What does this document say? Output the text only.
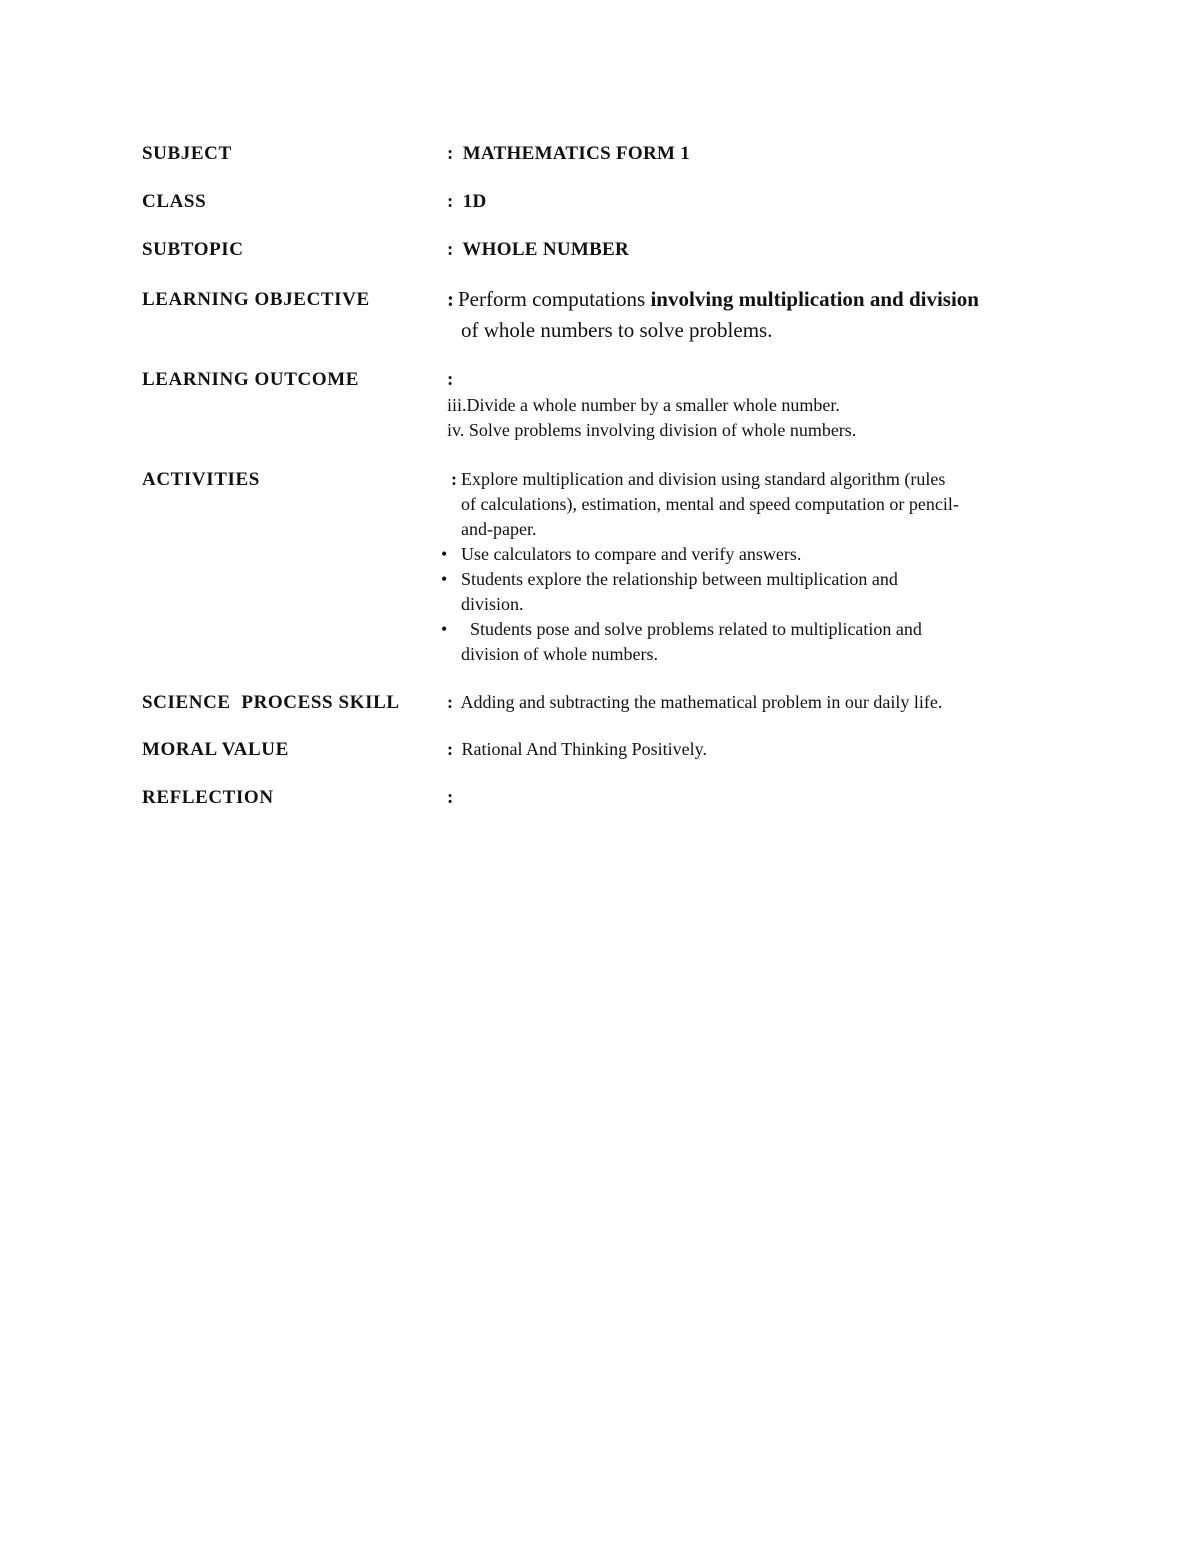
SUBJECT	: MATHEMATICS FORM 1
CLASS	: 1D
SUBTOPIC	: WHOLE NUMBER
LEARNING OBJECTIVE	: Perform computations involving multiplication and division
of whole numbers to solve problems.
LEARNING OUTCOME	:
iii.Divide a whole number by a smaller whole number.
iv. Solve problems involving division of whole numbers.
ACTIVITIES	: Explore multiplication and division using standard algorithm (rules
of calculations), estimation, mental and speed computation or pencil-
and-paper.
• Use calculators to compare and verify answers.
• Students explore the relationship between multiplication and
division.
• Students pose and solve problems related to multiplication and
division of whole numbers.
SCIENCE  PROCESS SKILL	: Adding and subtracting the mathematical problem in our daily life.
MORAL VALUE	: Rational And Thinking Positively.
REFLECTION	:
